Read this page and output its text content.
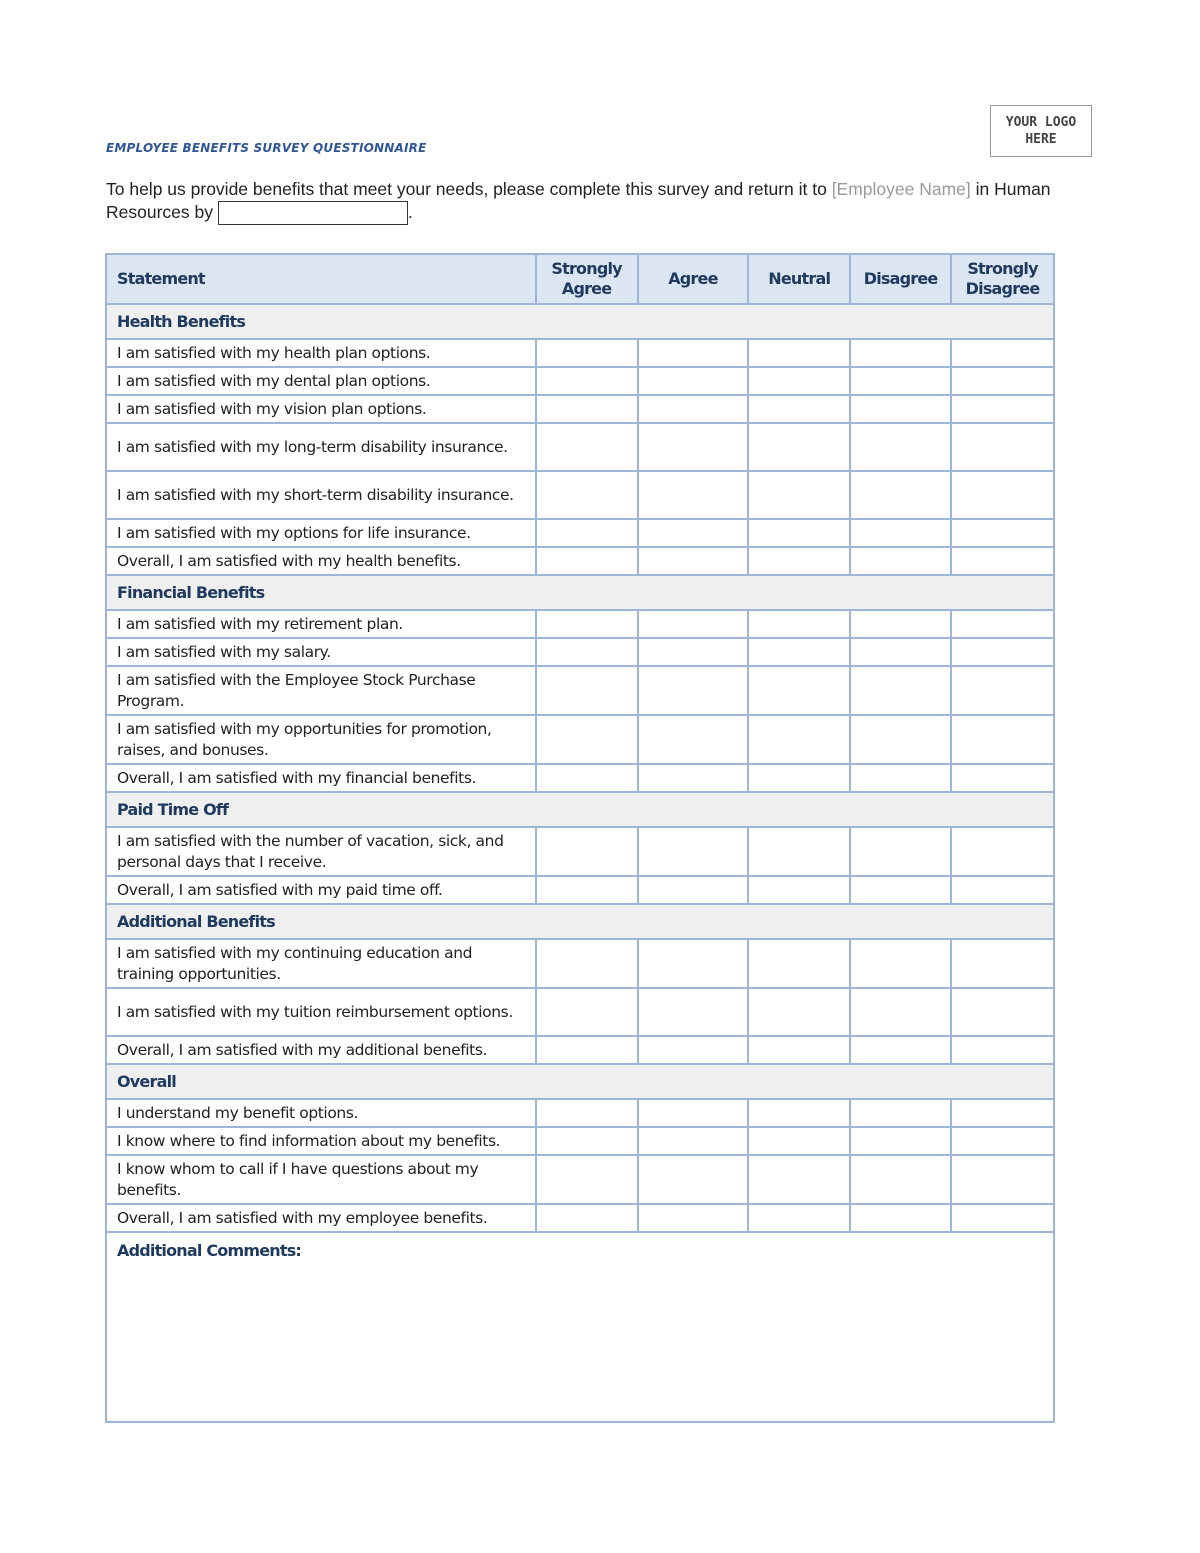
YOUR LOGO
HERE
EMPLOYEE BENEFITS SURVEY QUESTIONNAIRE
To help us provide benefits that meet your needs, please complete this survey and return it to [Employee Name] in Human Resources by	.
Statement	Strongly Agree	Agree	Neutral	Disagree	Strongly Disagree
Health Benefits					
I am satisfied with my health plan options.					
I am satisfied with my dental plan options.					
I am satisfied with my vision plan options.					
I am satisfied with my long-term disability insurance.					
I am satisfied with my short-term disability insurance.					
I am satisfied with my options for life insurance.					
Overall, I am satisfied with my health benefits.					
Financial Benefits					
I am satisfied with my retirement plan.					
I am satisfied with my salary.					
I am satisfied with the Employee Stock Purchase Program.					
I am satisfied with my opportunities for promotion, raises, and bonuses.					
Overall, I am satisfied with my financial benefits.					
Paid Time Off					
I am satisfied with the number of vacation, sick, and personal days that I receive.					
Overall, I am satisfied with my paid time off.					
Additional Benefits					
I am satisfied with my continuing education and training opportunities.					
I am satisfied with my tuition reimbursement options.					
Overall, I am satisfied with my additional benefits.					
Overall					
I understand my benefit options.					
I know where to find information about my benefits.					
I know whom to call if I have questions about my benefits.					
Overall, I am satisfied with my employee benefits.					
Additional Comments:					
